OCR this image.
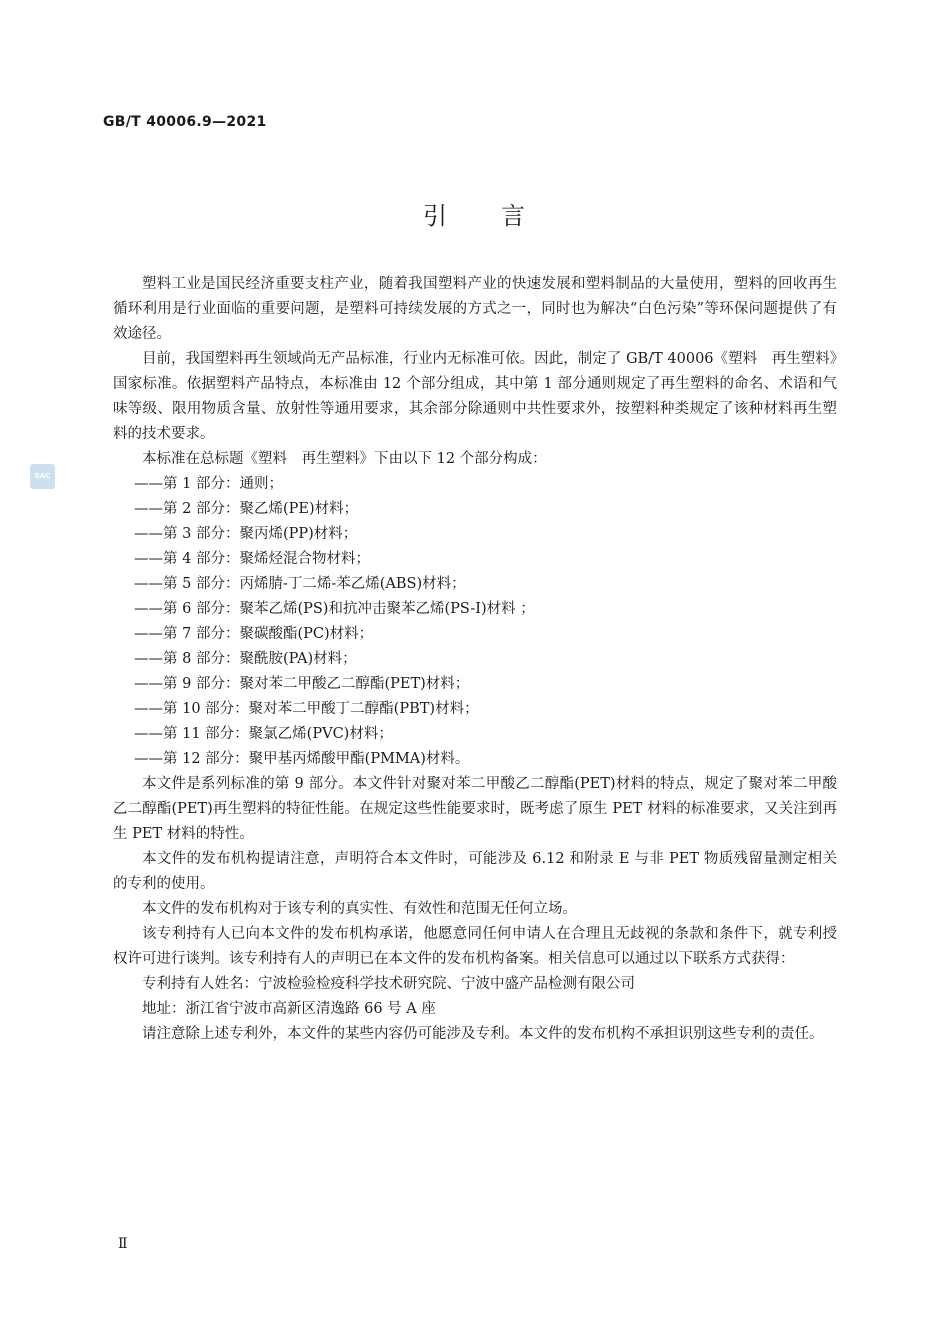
GB/T 40006.9—2021
引 言
SAC

塑料工业是国民经济重要支柱产业，随着我国塑料产业的快速发展和塑料制品的大量使用，塑料的回收再生循环利用是行业面临的重要问题，是塑料可持续发展的方式之一，同时也为解决“白色污染”等环保问题提供了有效途径。

目前，我国塑料再生领域尚无产品标准，行业内无标准可依。因此，制定了 GB/T 40006《塑料　再生塑料》国家标准。依据塑料产品特点，本标准由 12 个部分组成，其中第 1 部分通则规定了再生塑料的命名、术语和气味等级、限用物质含量、放射性等通用要求，其余部分除通则中共性要求外，按塑料种类规定了该种材料再生塑料的技术要求。

本标准在总标题《塑料　再生塑料》下由以下 12 个部分构成：

——第 1 部分：通则；

——第 2 部分：聚乙烯(PE)材料；

——第 3 部分：聚丙烯(PP)材料；

——第 4 部分：聚烯烃混合物材料；

——第 5 部分：丙烯腈-丁二烯-苯乙烯(ABS)材料；

——第 6 部分：聚苯乙烯(PS)和抗冲击聚苯乙烯(PS-I)材料 ；

——第 7 部分：聚碳酸酯(PC)材料；

——第 8 部分：聚酰胺(PA)材料；

——第 9 部分：聚对苯二甲酸乙二醇酯(PET)材料；

——第 10 部分：聚对苯二甲酸丁二醇酯(PBT)材料；

——第 11 部分：聚氯乙烯(PVC)材料；

——第 12 部分：聚甲基丙烯酸甲酯(PMMA)材料。

本文件是系列标准的第 9 部分。本文件针对聚对苯二甲酸乙二醇酯(PET)材料的特点，规定了聚对苯二甲酸乙二醇酯(PET)再生塑料的特征性能。在规定这些性能要求时，既考虑了原生 PET 材料的标准要求，又关注到再生 PET 材料的特性。

本文件的发布机构提请注意，声明符合本文件时，可能涉及 6.12 和附录 E 与非 PET 物质残留量测定相关的专利的使用。

本文件的发布机构对于该专利的真实性、有效性和范围无任何立场。

该专利持有人已向本文件的发布机构承诺，他愿意同任何申请人在合理且无歧视的条款和条件下，就专利授权许可进行谈判。该专利持有人的声明已在本文件的发布机构备案。相关信息可以通过以下联系方式获得：

专利持有人姓名：宁波检验检疫科学技术研究院、宁波中盛产品检测有限公司

地址：浙江省宁波市高新区清逸路 66 号 A 座

请注意除上述专利外，本文件的某些内容仍可能涉及专利。本文件的发布机构不承担识别这些专利的责任。

Ⅱ
